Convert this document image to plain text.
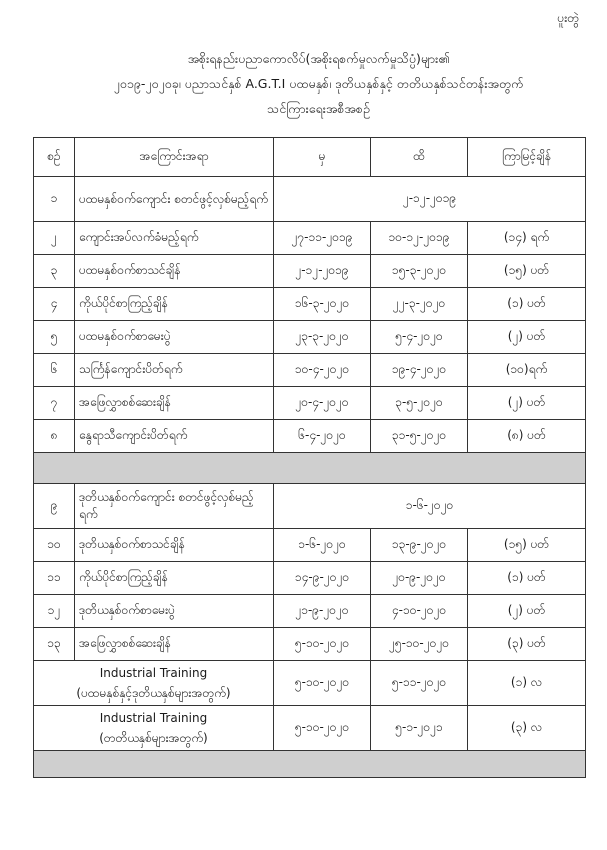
ပူးတွဲ
အစိုးရနည်းပညာကောလိပ်(အစိုးရစက်မှုလက်မှုသိပ္ပံ)များ၏
၂၀၁၉-၂၀၂၀ခု၊ ပညာသင်နှစ် A.G.T.I ပထမနှစ်၊ ဒုတိယနှစ်နှင့် တတိယနှစ်သင်တန်းအတွက်
သင်ကြားရေးအစီအစဉ်
စဉ်	အကြောင်းအရာ	မှ	ထိ	ကြာမြင့်ချိန်
၁	ပထမနှစ်ဝက်ကျောင်း စတင်ဖွင့်လှစ်မည့်ရက်	၂-၁၂-၂၀၁၉		
၂	ကျောင်းအပ်လက်ခံမည့်ရက်	၂၇-၁၁-၂၀၁၉	၁၀-၁၂-၂၀၁၉	(၁၄) ရက်
၃	ပထမနှစ်ဝက်စာသင်ချိန်	၂-၁၂-၂၀၁၉	၁၅-၃-၂၀၂၀	(၁၅) ပတ်
၄	ကိုယ်ပိုင်စာကြည့်ချိန်	၁၆-၃-၂၀၂၀	၂၂-၃-၂၀၂၀	(၁) ပတ်
၅	ပထမနှစ်ဝက်စာမေးပွဲ	၂၃-၃-၂၀၂၀	၅-၄-၂၀၂၀	(၂) ပတ်
၆	သင်္ကြန်ကျောင်းပိတ်ရက်	၁၀-၄-၂၀၂၀	၁၉-၄-၂၀၂၀	(၁၀)ရက်
၇	အဖြေလွှာစစ်ဆေးချိန်	၂၀-၄-၂၀၂၀	၃-၅-၂၀၂၀	(၂) ပတ်
၈	နွေရာသီကျောင်းပိတ်ရက်	၆-၄-၂၀၂၀	၃၁-၅-၂၀၂၀	(၈) ပတ်

၉	ဒုတိယနှစ်ဝက်ကျောင်း စတင်ဖွင့်လှစ်မည့်ရက်	၁-၆-၂၀၂၀		
၁၀	ဒုတိယနှစ်ဝက်စာသင်ချိန်	၁-၆-၂၀၂၀	၁၃-၉-၂၀၂၀	(၁၅) ပတ်
၁၁	ကိုယ်ပိုင်စာကြည့်ချိန်	၁၄-၉-၂၀၂၀	၂၀-၉-၂၀၂၀	(၁) ပတ်
၁၂	ဒုတိယနှစ်ဝက်စာမေးပွဲ	၂၁-၉-၂၀၂၀	၄-၁၀-၂၀၂၀	(၂) ပတ်
၁၃	အဖြေလွှာစစ်ဆေးချိန်	၅-၁၀-၂၀၂၀	၂၅-၁၀-၂၀၂၀	(၃) ပတ်

Industrial Training
(ပထမနှစ်နှင့်ဒုတိယနှစ်များအတွက်)		၅-၁၀-၂၀၂၀	၅-၁၁-၂၀၂၀	(၁) လ

Industrial Training
(တတိယနှစ်များအတွက်)		၅-၁၀-၂၀၂၀	၅-၁-၂၀၂၁	(၃) လ
